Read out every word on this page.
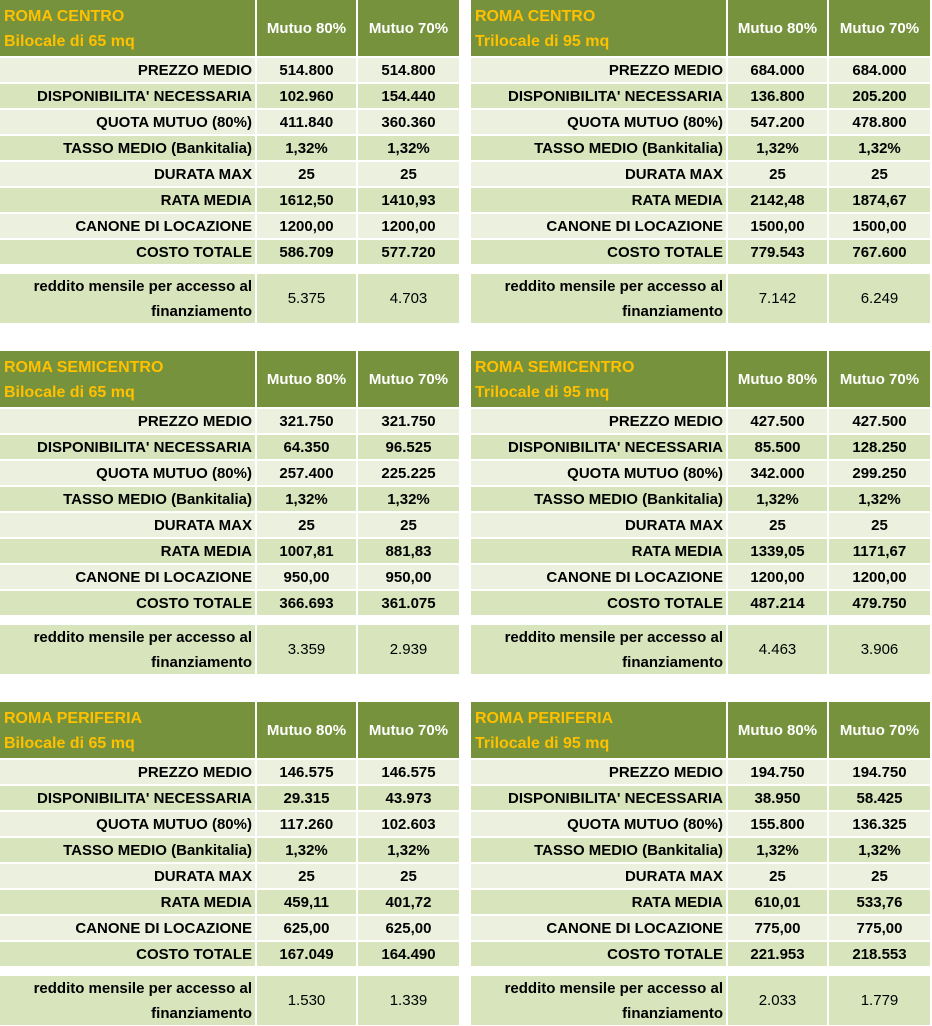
ROMA CENTRO
Bilocale di 65 mq
Mutuo 80%	Mutuo 70%
PREZZO MEDIO	514.800	514.800
DISPONIBILITA' NECESSARIA	102.960	154.440
QUOTA MUTUO (80%)	411.840	360.360
TASSO MEDIO (Bankitalia)	1,32%	1,32%
DURATA MAX	25	25
RATA MEDIA	1612,50	1410,93
CANONE DI LOCAZIONE	1200,00	1200,00
COSTO TOTALE	586.709	577.720
reddito mensile per accesso al finanziamento
5.375	4.703
ROMA CENTRO
Trilocale di 95 mq
Mutuo 80%	Mutuo 70%
PREZZO MEDIO	684.000	684.000
DISPONIBILITA' NECESSARIA	136.800	205.200
QUOTA MUTUO (80%)	547.200	478.800
TASSO MEDIO (Bankitalia)	1,32%	1,32%
DURATA MAX	25	25
RATA MEDIA	2142,48	1874,67
CANONE DI LOCAZIONE	1500,00	1500,00
COSTO TOTALE	779.543	767.600
reddito mensile per accesso al finanziamento
7.142	6.249
ROMA SEMICENTRO
Bilocale di 65 mq
Mutuo 80%	Mutuo 70%
PREZZO MEDIO	321.750	321.750
DISPONIBILITA' NECESSARIA	64.350	96.525
QUOTA MUTUO (80%)	257.400	225.225
TASSO MEDIO (Bankitalia)	1,32%	1,32%
DURATA MAX	25	25
RATA MEDIA	1007,81	881,83
CANONE DI LOCAZIONE	950,00	950,00
COSTO TOTALE	366.693	361.075
reddito mensile per accesso al finanziamento
3.359	2.939
ROMA SEMICENTRO
Trilocale di 95 mq
Mutuo 80%	Mutuo 70%
PREZZO MEDIO	427.500	427.500
DISPONIBILITA' NECESSARIA	85.500	128.250
QUOTA MUTUO (80%)	342.000	299.250
TASSO MEDIO (Bankitalia)	1,32%	1,32%
DURATA MAX	25	25
RATA MEDIA	1339,05	1171,67
CANONE DI LOCAZIONE	1200,00	1200,00
COSTO TOTALE	487.214	479.750
reddito mensile per accesso al finanziamento
4.463	3.906
ROMA PERIFERIA
Bilocale di 65 mq
Mutuo 80%	Mutuo 70%
PREZZO MEDIO	146.575	146.575
DISPONIBILITA' NECESSARIA	29.315	43.973
QUOTA MUTUO (80%)	117.260	102.603
TASSO MEDIO (Bankitalia)	1,32%	1,32%
DURATA MAX	25	25
RATA MEDIA	459,11	401,72
CANONE DI LOCAZIONE	625,00	625,00
COSTO TOTALE	167.049	164.490
reddito mensile per accesso al finanziamento
1.530	1.339
ROMA PERIFERIA
Trilocale di 95 mq
Mutuo 80%	Mutuo 70%
PREZZO MEDIO	194.750	194.750
DISPONIBILITA' NECESSARIA	38.950	58.425
QUOTA MUTUO (80%)	155.800	136.325
TASSO MEDIO (Bankitalia)	1,32%	1,32%
DURATA MAX	25	25
RATA MEDIA	610,01	533,76
CANONE DI LOCAZIONE	775,00	775,00
COSTO TOTALE	221.953	218.553
reddito mensile per accesso al finanziamento
2.033	1.779
